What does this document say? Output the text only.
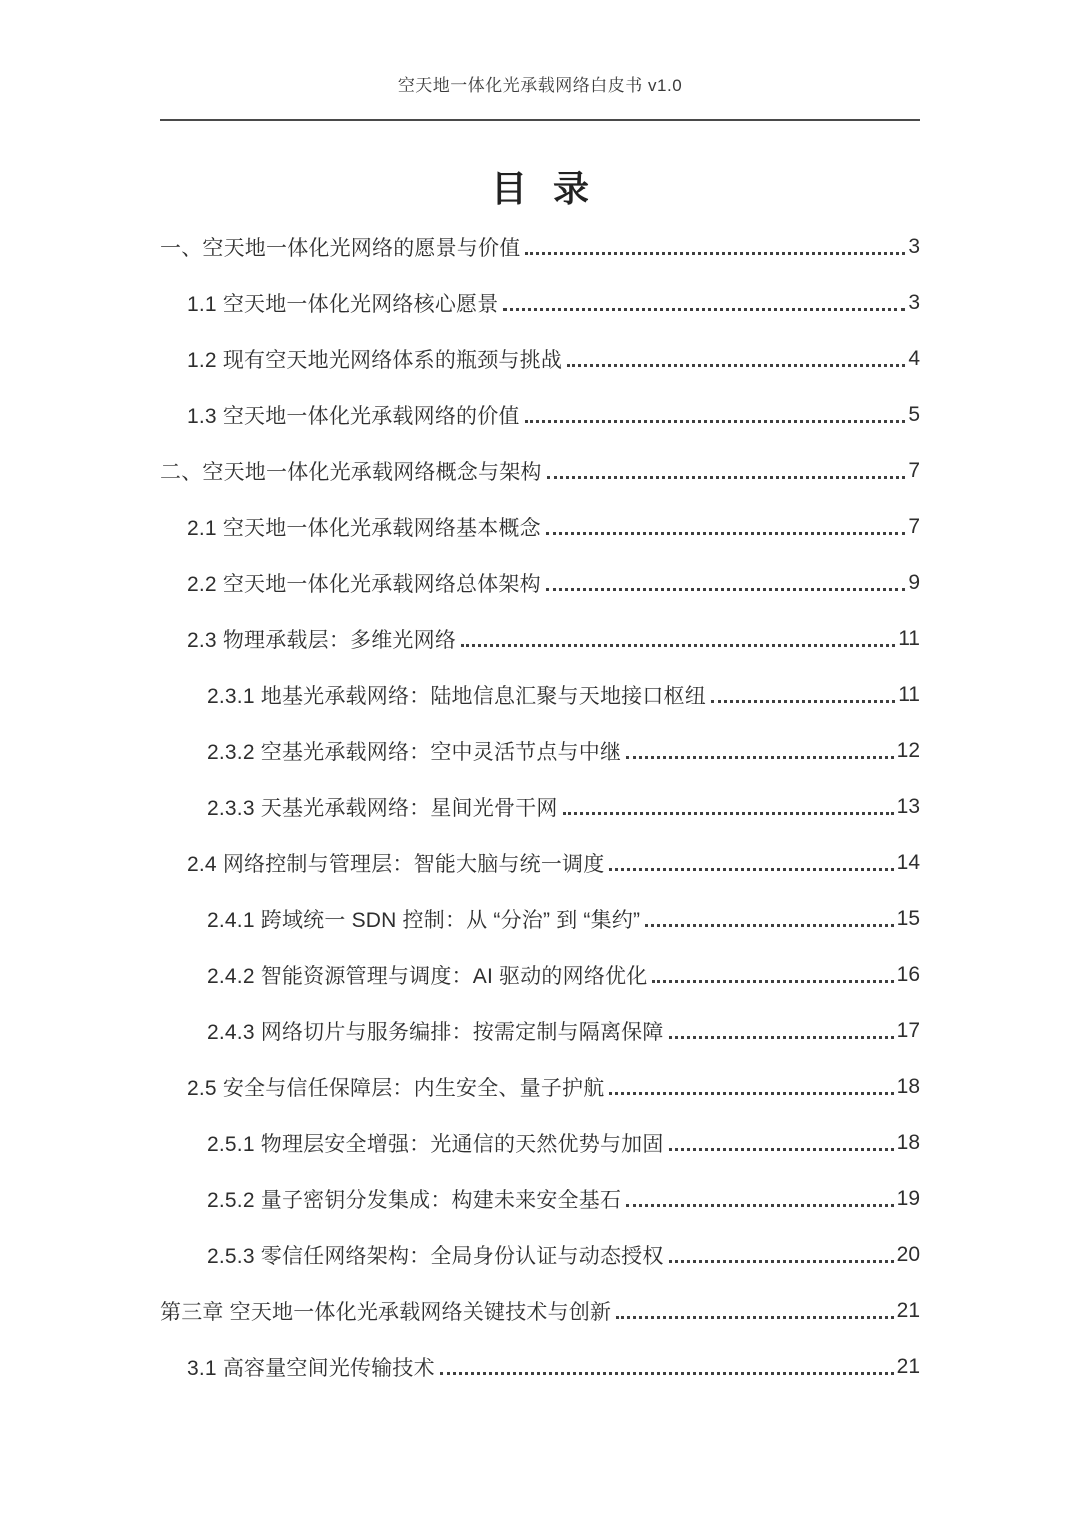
空天地一体化光承载网络白皮书 v1.0
目 录
一、空天地一体化光网络的愿景与价值	3
1.1 空天地一体化光网络核心愿景	3
1.2 现有空天地光网络体系的瓶颈与挑战	4
1.3 空天地一体化光承载网络的价值	5
二、空天地一体化光承载网络概念与架构	7
2.1 空天地一体化光承载网络基本概念	7
2.2 空天地一体化光承载网络总体架构	9
2.3 物理承载层：多维光网络	11
2.3.1 地基光承载网络：陆地信息汇聚与天地接口枢纽	11
2.3.2 空基光承载网络：空中灵活节点与中继	12
2.3.3 天基光承载网络：星间光骨干网	13
2.4 网络控制与管理层：智能大脑与统一调度	14
2.4.1 跨域统一 SDN 控制：从 “分治” 到 “集约”	15
2.4.2 智能资源管理与调度：AI 驱动的网络优化	16
2.4.3 网络切片与服务编排：按需定制与隔离保障	17
2.5 安全与信任保障层：内生安全、量子护航	18
2.5.1 物理层安全增强：光通信的天然优势与加固	18
2.5.2 量子密钥分发集成：构建未来安全基石	19
2.5.3 零信任网络架构：全局身份认证与动态授权	20
第三章 空天地一体化光承载网络关键技术与创新	21
3.1 高容量空间光传输技术	21
